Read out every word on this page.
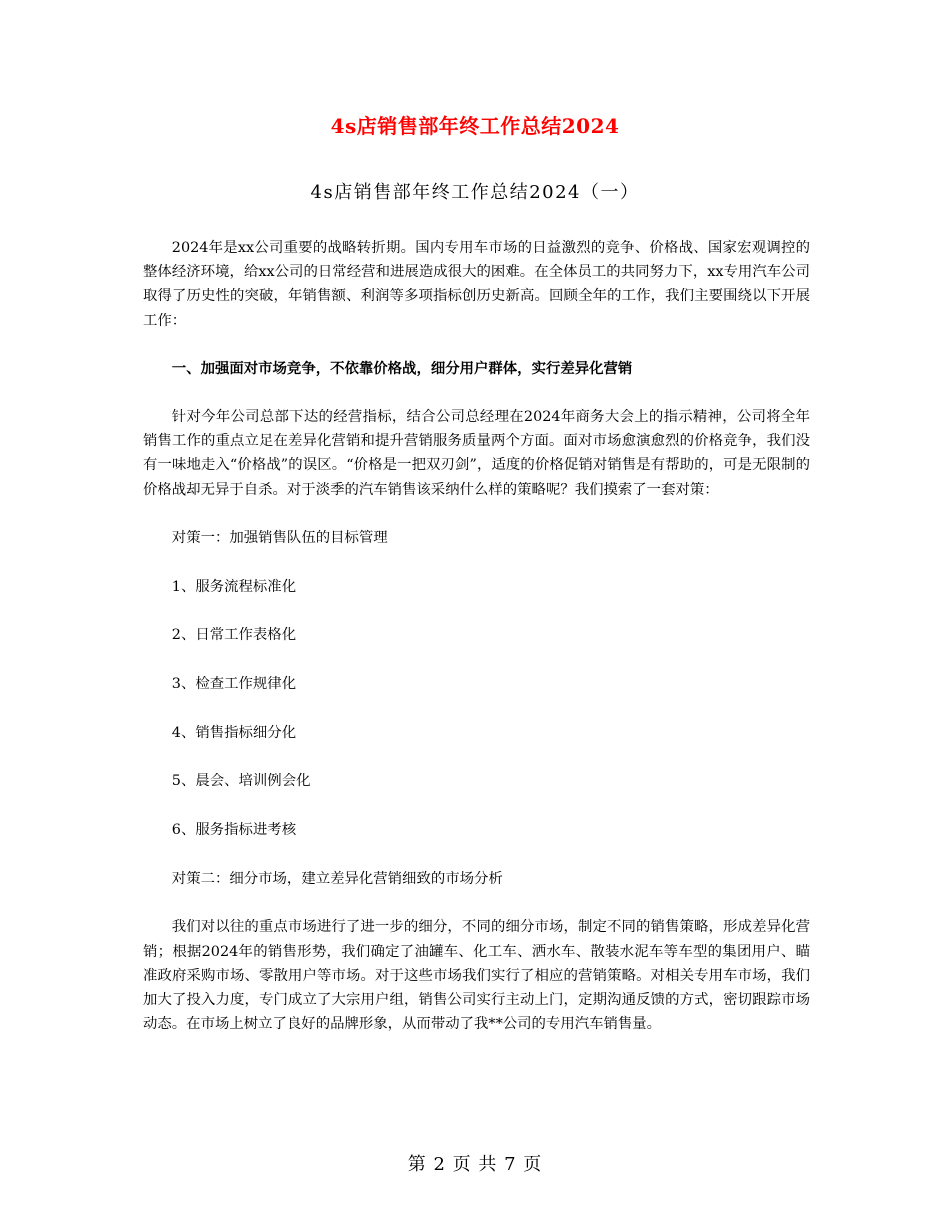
4s店销售部年终工作总结2024
4s店销售部年终工作总结2024（一）

2024年是xx公司重要的战略转折期。国内专用车市场的日益激烈的竞争、价格战、国家宏观调控的整体经济环境，给xx公司的日常经营和进展造成很大的困难。在全体员工的共同努力下，xx专用汽车公司取得了历史性的突破，年销售额、利润等多项指标创历史新高。回顾全年的工作，我们主要围绕以下开展工作：

一、加强面对市场竞争，不依靠价格战，细分用户群体，实行差异化营销

针对今年公司总部下达的经营指标，结合公司总经理在2024年商务大会上的指示精神，公司将全年销售工作的重点立足在差异化营销和提升营销服务质量两个方面。面对市场愈演愈烈的价格竞争，我们没有一味地走入“价格战”的误区。“价格是一把双刃剑”，适度的价格促销对销售是有帮助的，可是无限制的价格战却无异于自杀。对于淡季的汽车销售该采纳什么样的策略呢？我们摸索了一套对策：

对策一：加强销售队伍的目标管理

1、服务流程标准化

2、日常工作表格化

3、检查工作规律化

4、销售指标细分化

5、晨会、培训例会化

6、服务指标进考核

对策二：细分市场，建立差异化营销细致的市场分析

我们对以往的重点市场进行了进一步的细分，不同的细分市场，制定不同的销售策略，形成差异化营销；根据2024年的销售形势，我们确定了油罐车、化工车、洒水车、散装水泥车等车型的集团用户、瞄准政府采购市场、零散用户等市场。对于这些市场我们实行了相应的营销策略。对相关专用车市场，我们加大了投入力度，专门成立了大宗用户组，销售公司实行主动上门，定期沟通反馈的方式，密切跟踪市场动态。在市场上树立了良好的品牌形象，从而带动了我**公司的专用汽车销售量。

第 2 页 共 7 页
